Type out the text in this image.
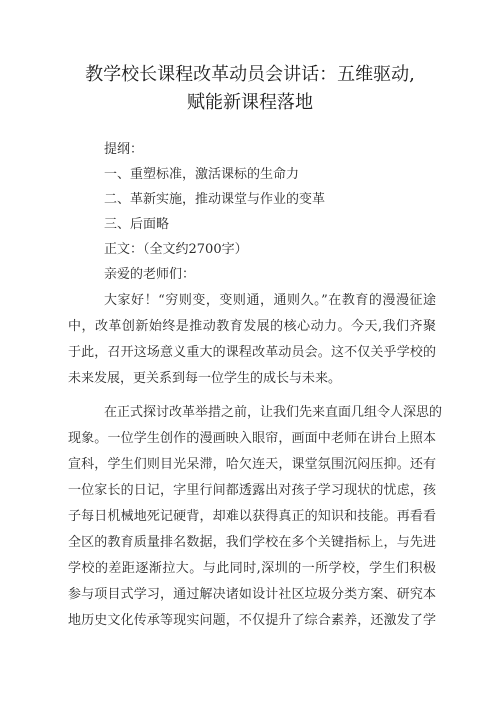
教学校长课程改革动员会讲话：五维驱动,
赋能新课程落地
提纲：
一、重塑标准，激活课标的生命力
二、革新实施，推动课堂与作业的变革
三、后面略
正文：（全文约2700字）
亲爱的老师们：
大家好！“穷则变，变则通，通则久。”在教育的漫漫征途
中，改革创新始终是推动教育发展的核心动力。今天,我们齐聚
于此，召开这场意义重大的课程改革动员会。这不仅关乎学校的
未来发展，更关系到每一位学生的成长与未来。
在正式探讨改革举措之前，让我们先来直面几组令人深思的
现象。一位学生创作的漫画映入眼帘，画面中老师在讲台上照本
宣科，学生们则目光呆滞，哈欠连天，课堂氛围沉闷压抑。还有
一位家长的日记，字里行间都透露出对孩子学习现状的忧虑，孩
子每日机械地死记硬背，却难以获得真正的知识和技能。再看看
全区的教育质量排名数据，我们学校在多个关键指标上，与先进
学校的差距逐渐拉大。与此同时,深圳的一所学校，学生们积极
参与项目式学习，通过解决诸如设计社区垃圾分类方案、研究本
地历史文化传承等现实问题，不仅提升了综合素养，还激发了学
